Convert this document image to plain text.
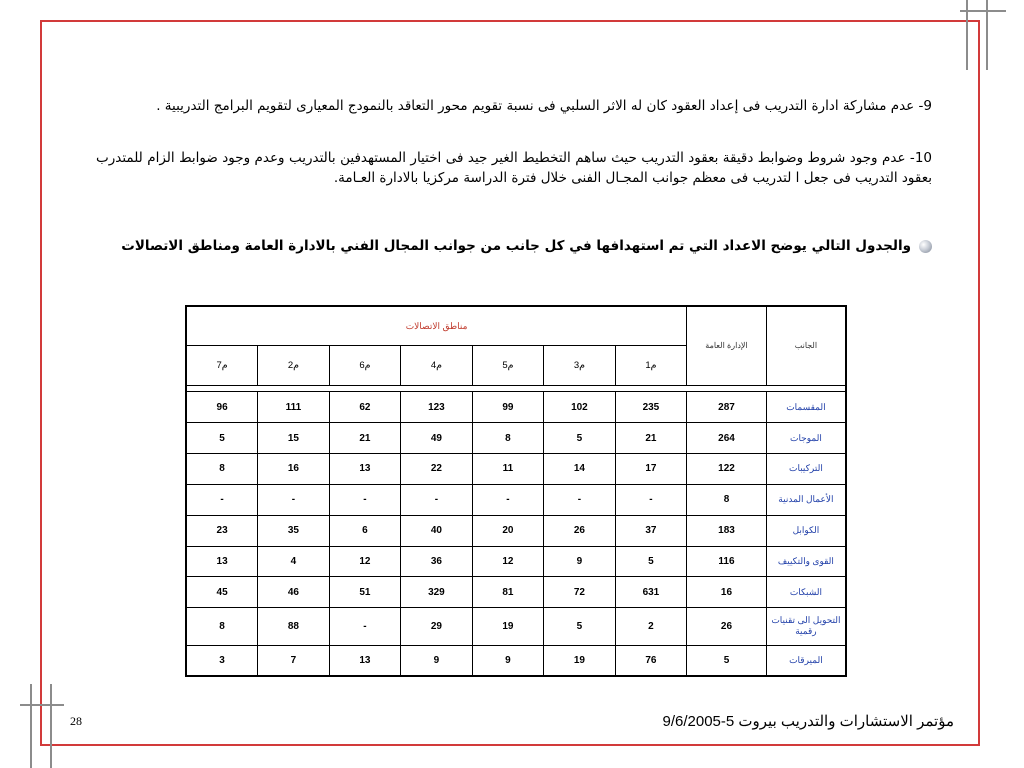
9- عدم مشاركة ادارة التدريب فى إعداد العقود كان له الاثر السلبي فى نسبة تقويم محور التعاقد بالنمودج المعيارى لتقويم البرامج التدريبية .
10- عدم وجود شروط وضوابط دقيقة بعقود التدريب حيث ساهم التخطيط الغير جيد فى اختيار المستهدفين بالتدريب وعدم وجود ضوابط الزام للمتدرب بعقود التدريب فى جعل ا لتدريب فى معظم جوانب المجـال الفنى خلال فترة الدراسة مركزيا بالادارة العـامة.
والجدول التالي يوضح الاعداد التي تم استهدافها في كل جانب من جوانب المجال الفني بالادارة العامة ومناطق الاتصالات
الجانب	الإدارة العامة	مناطق الاتصالات						
		م1	م3	م5	م4	م6	م2	م7

المقسمات	287	235	102	99	123	62	111	96
الموجات	264	21	5	8	49	21	15	5
التركيبات	122	17	14	11	22	13	16	8
الأعمال المدنية	8	-	-	-	-	-	-	-
الكوابل	183	37	26	20	40	6	35	23
القوى والتكييف	116	5	9	12	36	12	4	13
الشبكات	16	631	72	81	329	51	46	45
التحويل الى تقنيات رقمية	26	2	5	19	29	-	88	8
الميرقات	5	76	19	9	9	13	7	3
28	مؤتمر الاستشارات والتدريب بيروت 5-9/6/2005
